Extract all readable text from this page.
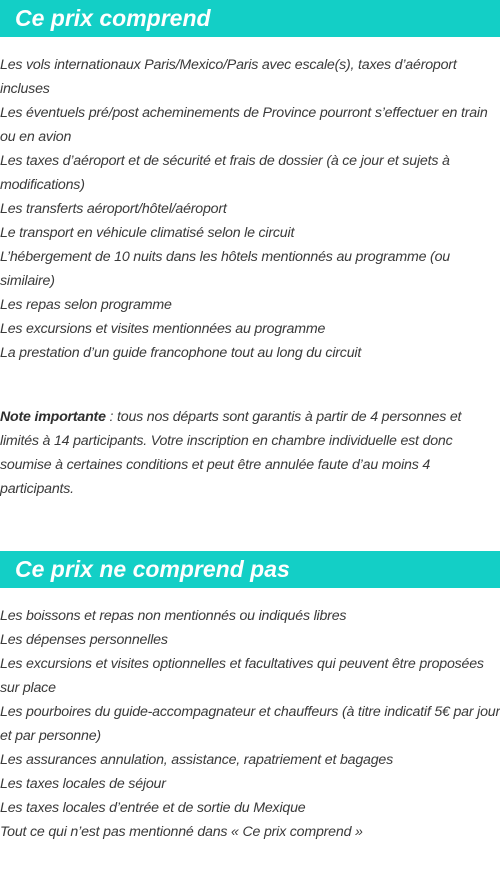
Ce prix comprend
Les vols internationaux Paris/Mexico/Paris avec escale(s), taxes d’aéroport incluses
Les éventuels pré/post acheminements de Province pourront s’effectuer en train ou en avion
Les taxes d’aéroport et de sécurité et frais de dossier (à ce jour et sujets à modifications)
Les transferts aéroport/hôtel/aéroport
Le transport en véhicule climatisé selon le circuit
L’hébergement de 10 nuits dans les hôtels mentionnés au programme (ou similaire)
Les repas selon programme
Les excursions et visites mentionnées au programme
La prestation d’un guide francophone tout au long du circuit

Note importante : tous nos départs sont garantis à partir de 4 personnes et limités à 14 participants. Votre inscription en chambre individuelle est donc soumise à certaines conditions et peut être annulée faute d’au moins 4 participants.

Ce prix ne comprend pas
Les boissons et repas non mentionnés ou indiqués libres
Les dépenses personnelles
Les excursions et visites optionnelles et facultatives qui peuvent être proposées sur place
Les pourboires du guide-accompagnateur et chauffeurs (à titre indicatif 5€ par jour et par personne)
Les assurances annulation, assistance, rapatriement et bagages
Les taxes locales de séjour
Les taxes locales d’entrée et de sortie du Mexique
Tout ce qui n’est pas mentionné dans « Ce prix comprend »
